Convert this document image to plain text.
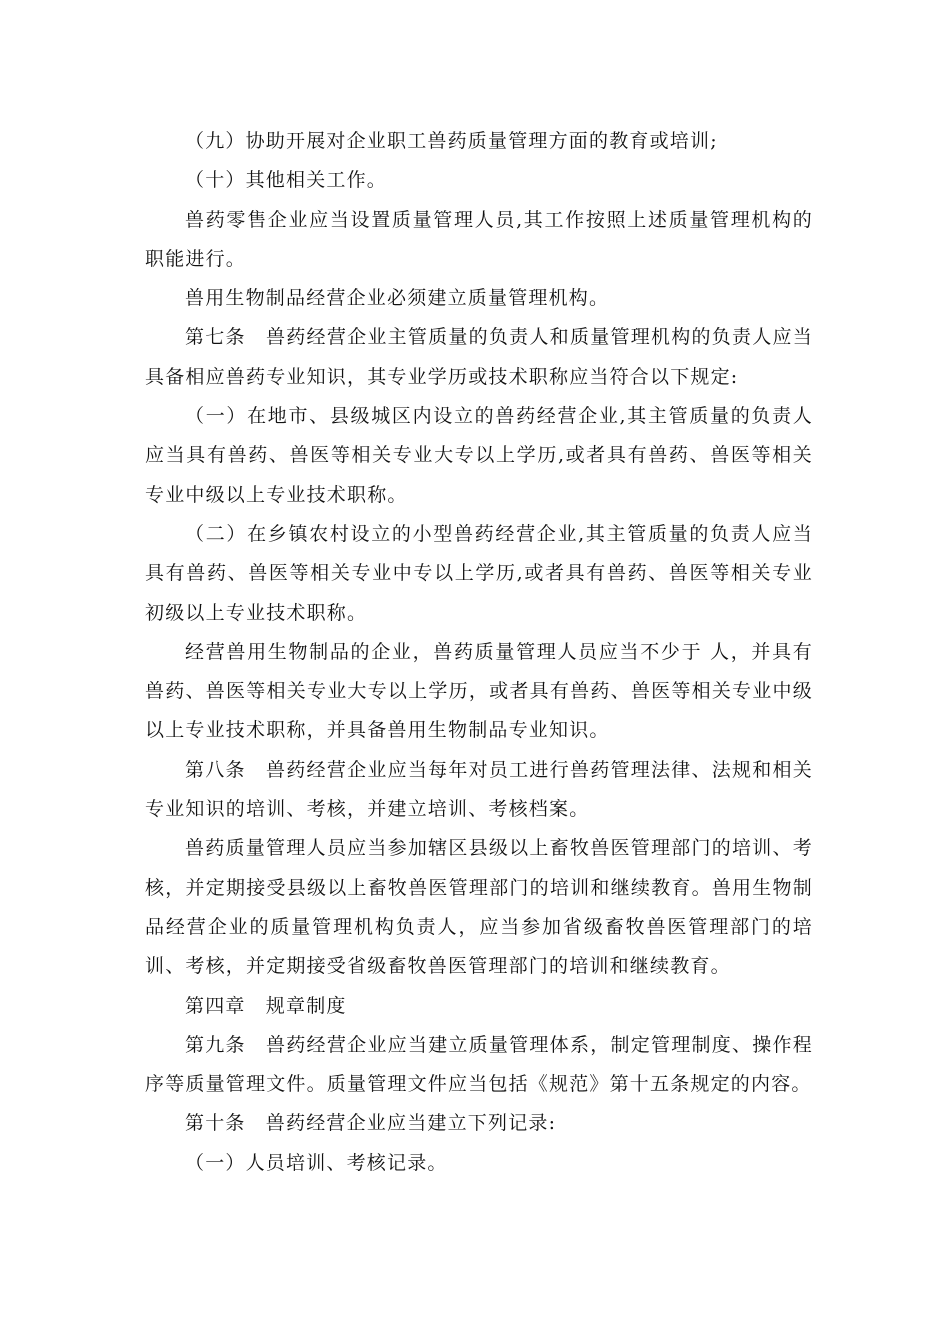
（九）协助开展对企业职工兽药质量管理方面的教育或培训;

（十）其他相关工作。

兽药零售企业应当设置质量管理人员,其工作按照上述质量管理机构的职能进行。

兽用生物制品经营企业必须建立质量管理机构。

第七条　兽药经营企业主管质量的负责人和质量管理机构的负责人应当具备相应兽药专业知识，其专业学历或技术职称应当符合以下规定:

（一）在地市、县级城区内设立的兽药经营企业,其主管质量的负责人应当具有兽药、兽医等相关专业大专以上学历,或者具有兽药、兽医等相关专业中级以上专业技术职称。

（二）在乡镇农村设立的小型兽药经营企业,其主管质量的负责人应当具有兽药、兽医等相关专业中专以上学历,或者具有兽药、兽医等相关专业初级以上专业技术职称。

经营兽用生物制品的企业，兽药质量管理人员应当不少于 人，并具有兽药、兽医等相关专业大专以上学历，或者具有兽药、兽医等相关专业中级以上专业技术职称，并具备兽用生物制品专业知识。

第八条　兽药经营企业应当每年对员工进行兽药管理法律、法规和相关专业知识的培训、考核，并建立培训、考核档案。

兽药质量管理人员应当参加辖区县级以上畜牧兽医管理部门的培训、考核，并定期接受县级以上畜牧兽医管理部门的培训和继续教育。兽用生物制品经营企业的质量管理机构负责人，应当参加省级畜牧兽医管理部门的培训、考核，并定期接受省级畜牧兽医管理部门的培训和继续教育。

第四章　规章制度

第九条　兽药经营企业应当建立质量管理体系，制定管理制度、操作程序等质量管理文件。质量管理文件应当包括《规范》第十五条规定的内容。

第十条　兽药经营企业应当建立下列记录:

（一）人员培训、考核记录。
